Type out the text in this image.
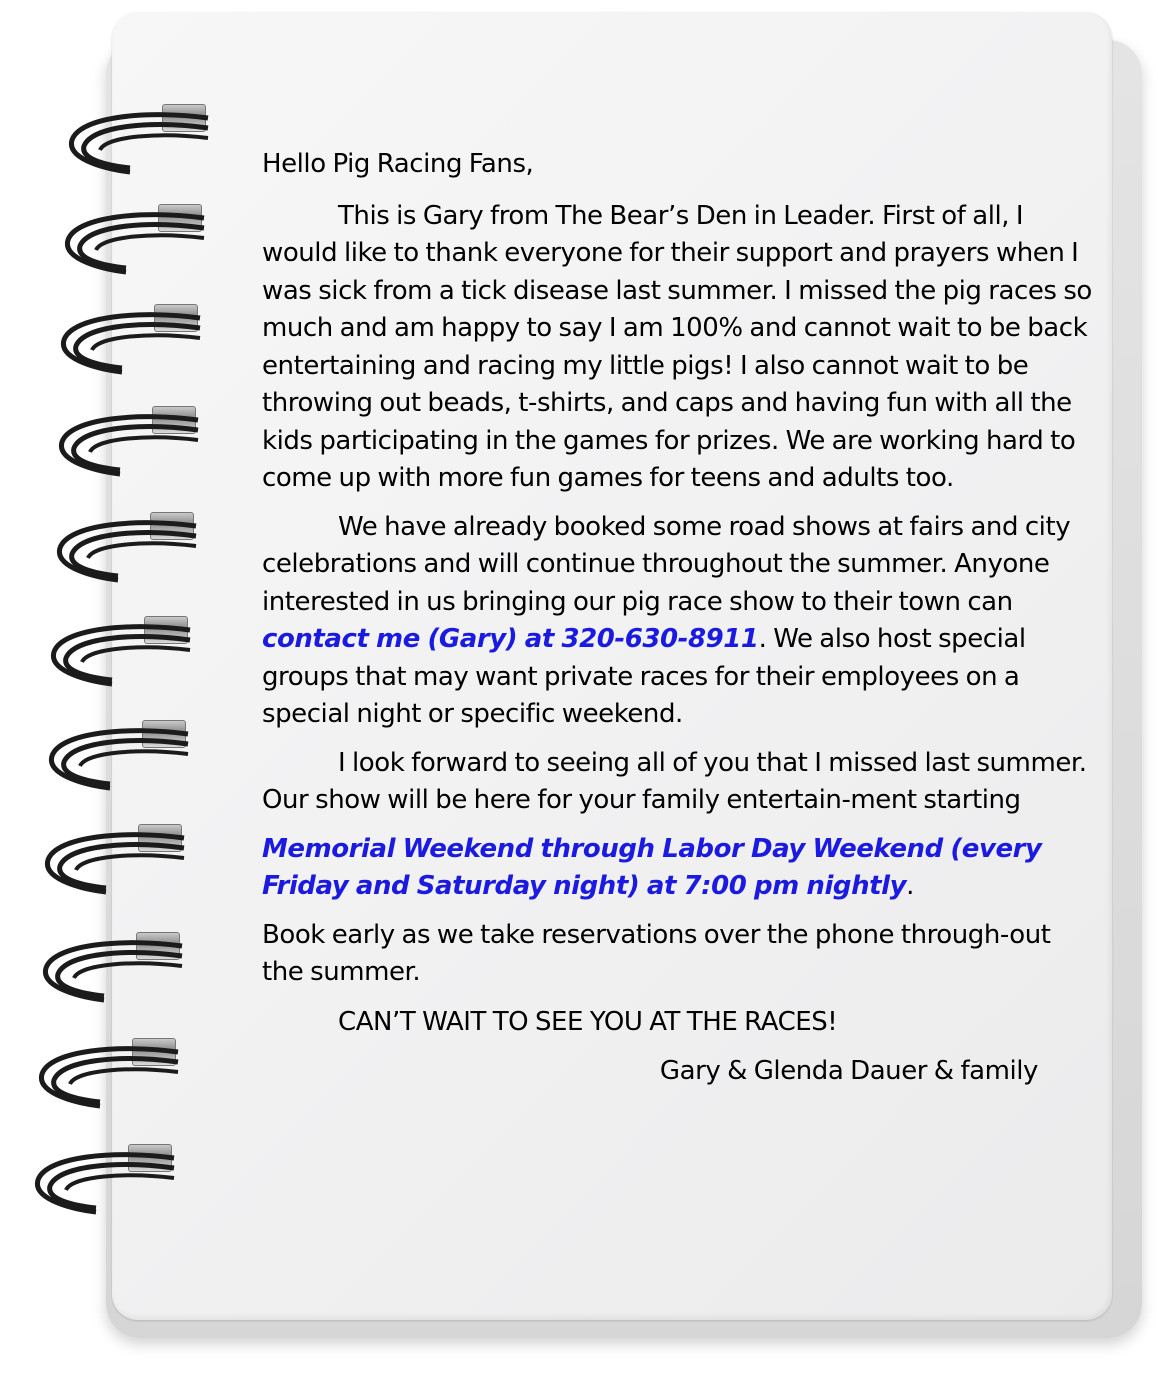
Hello Pig Racing Fans,

This is Gary from The Bear’s Den in Leader. First of all, I would like to thank everyone for their support and prayers when I was sick from a tick disease last summer. I missed the pig races so much and am happy to say I am 100% and cannot wait to be back entertaining and racing my little pigs! I also cannot wait to be throwing out beads, t-shirts, and caps and having fun with all the kids participating in the games for prizes. We are working hard to come up with more fun games for teens and adults too.

We have already booked some road shows at fairs and city celebrations and will continue throughout the summer. Anyone interested in us bringing our pig race show to their town can contact me (Gary) at 320-630-8911. We also host special groups that may want private races for their employees on a special night or specific weekend.

I look forward to seeing all of you that I missed last summer. Our show will be here for your family entertain-ment starting

Memorial Weekend through Labor Day Weekend (every Friday and Saturday night) at 7:00 pm nightly.

Book early as we take reservations over the phone through-out the summer.

CAN’T WAIT TO SEE YOU AT THE RACES!

Gary & Glenda Dauer & family
